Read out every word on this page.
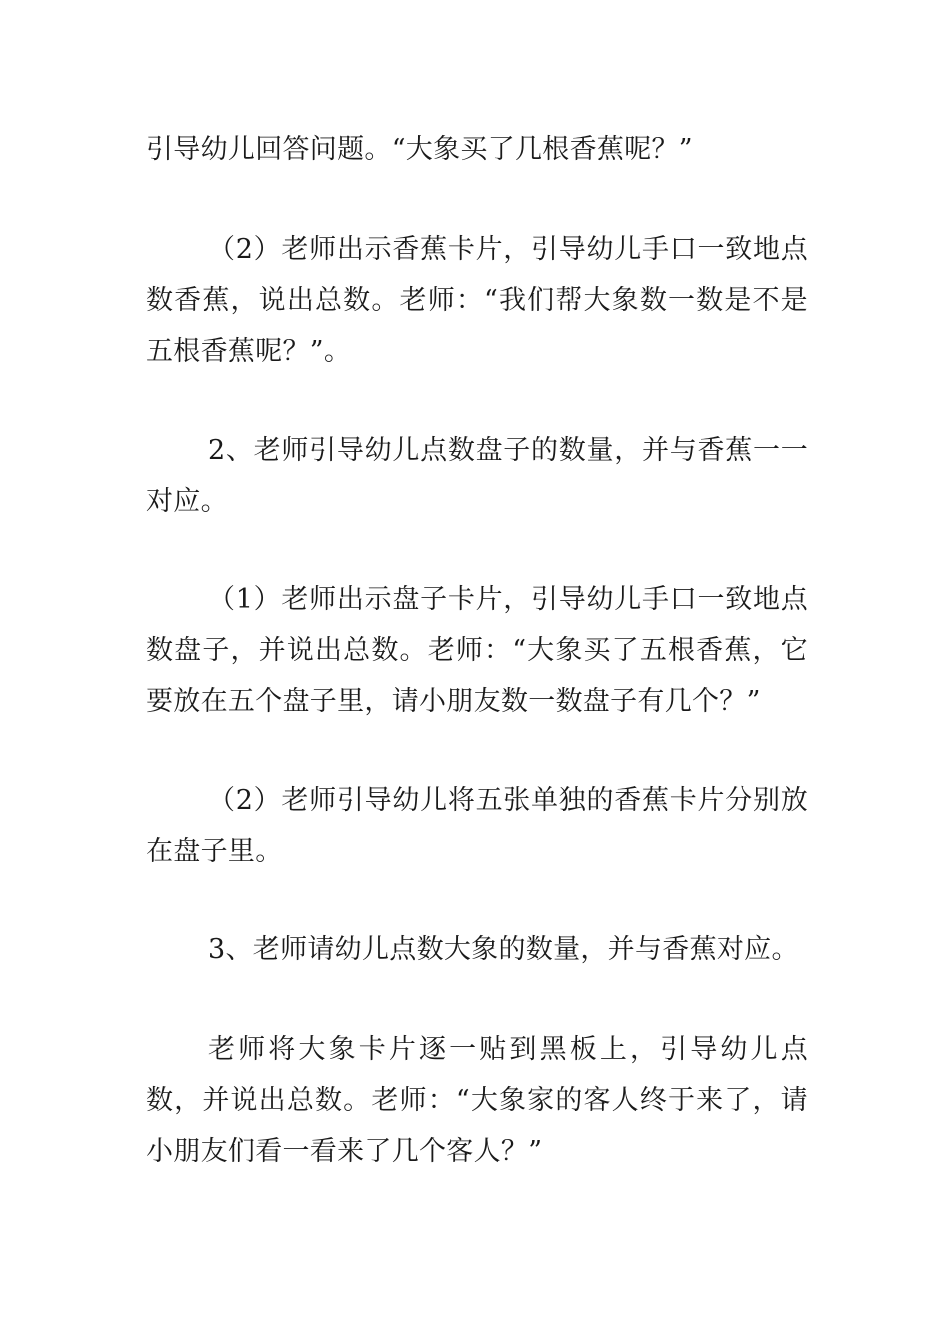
引导幼儿回答问题。“大象买了几根香蕉呢？”

（2）老师出示香蕉卡片，引导幼儿手口一致地点数香蕉，说出总数。老师：“我们帮大象数一数是不是五根香蕉呢？”。

2、老师引导幼儿点数盘子的数量，并与香蕉一一对应。

（1）老师出示盘子卡片，引导幼儿手口一致地点数盘子，并说出总数。老师：“大象买了五根香蕉，它要放在五个盘子里，请小朋友数一数盘子有几个？”

（2）老师引导幼儿将五张单独的香蕉卡片分别放在盘子里。

3、老师请幼儿点数大象的数量，并与香蕉对应。

老师将大象卡片逐一贴到黑板上，引导幼儿点数，并说出总数。老师：“大象家的客人终于来了，请小朋友们看一看来了几个客人？”
